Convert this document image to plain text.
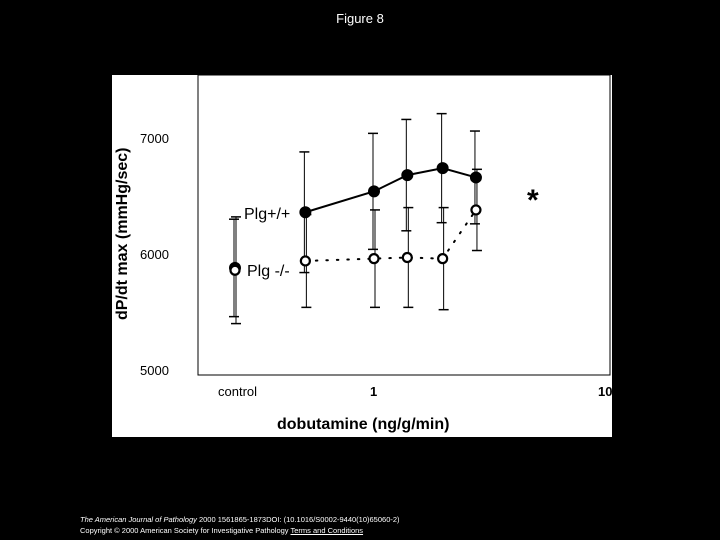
Figure 8
5000
6000
7000
control	1	10
dobutamine (ng/g/min)
dP/dt max (mmHg/sec)	Plg+/+
Plg -/-
*
The American Journal of Pathology 2000 1561865-1873DOI: (10.1016/S0002-9440(10)65060-2)
Copyright © 2000 American Society for Investigative Pathology Terms and Conditions
